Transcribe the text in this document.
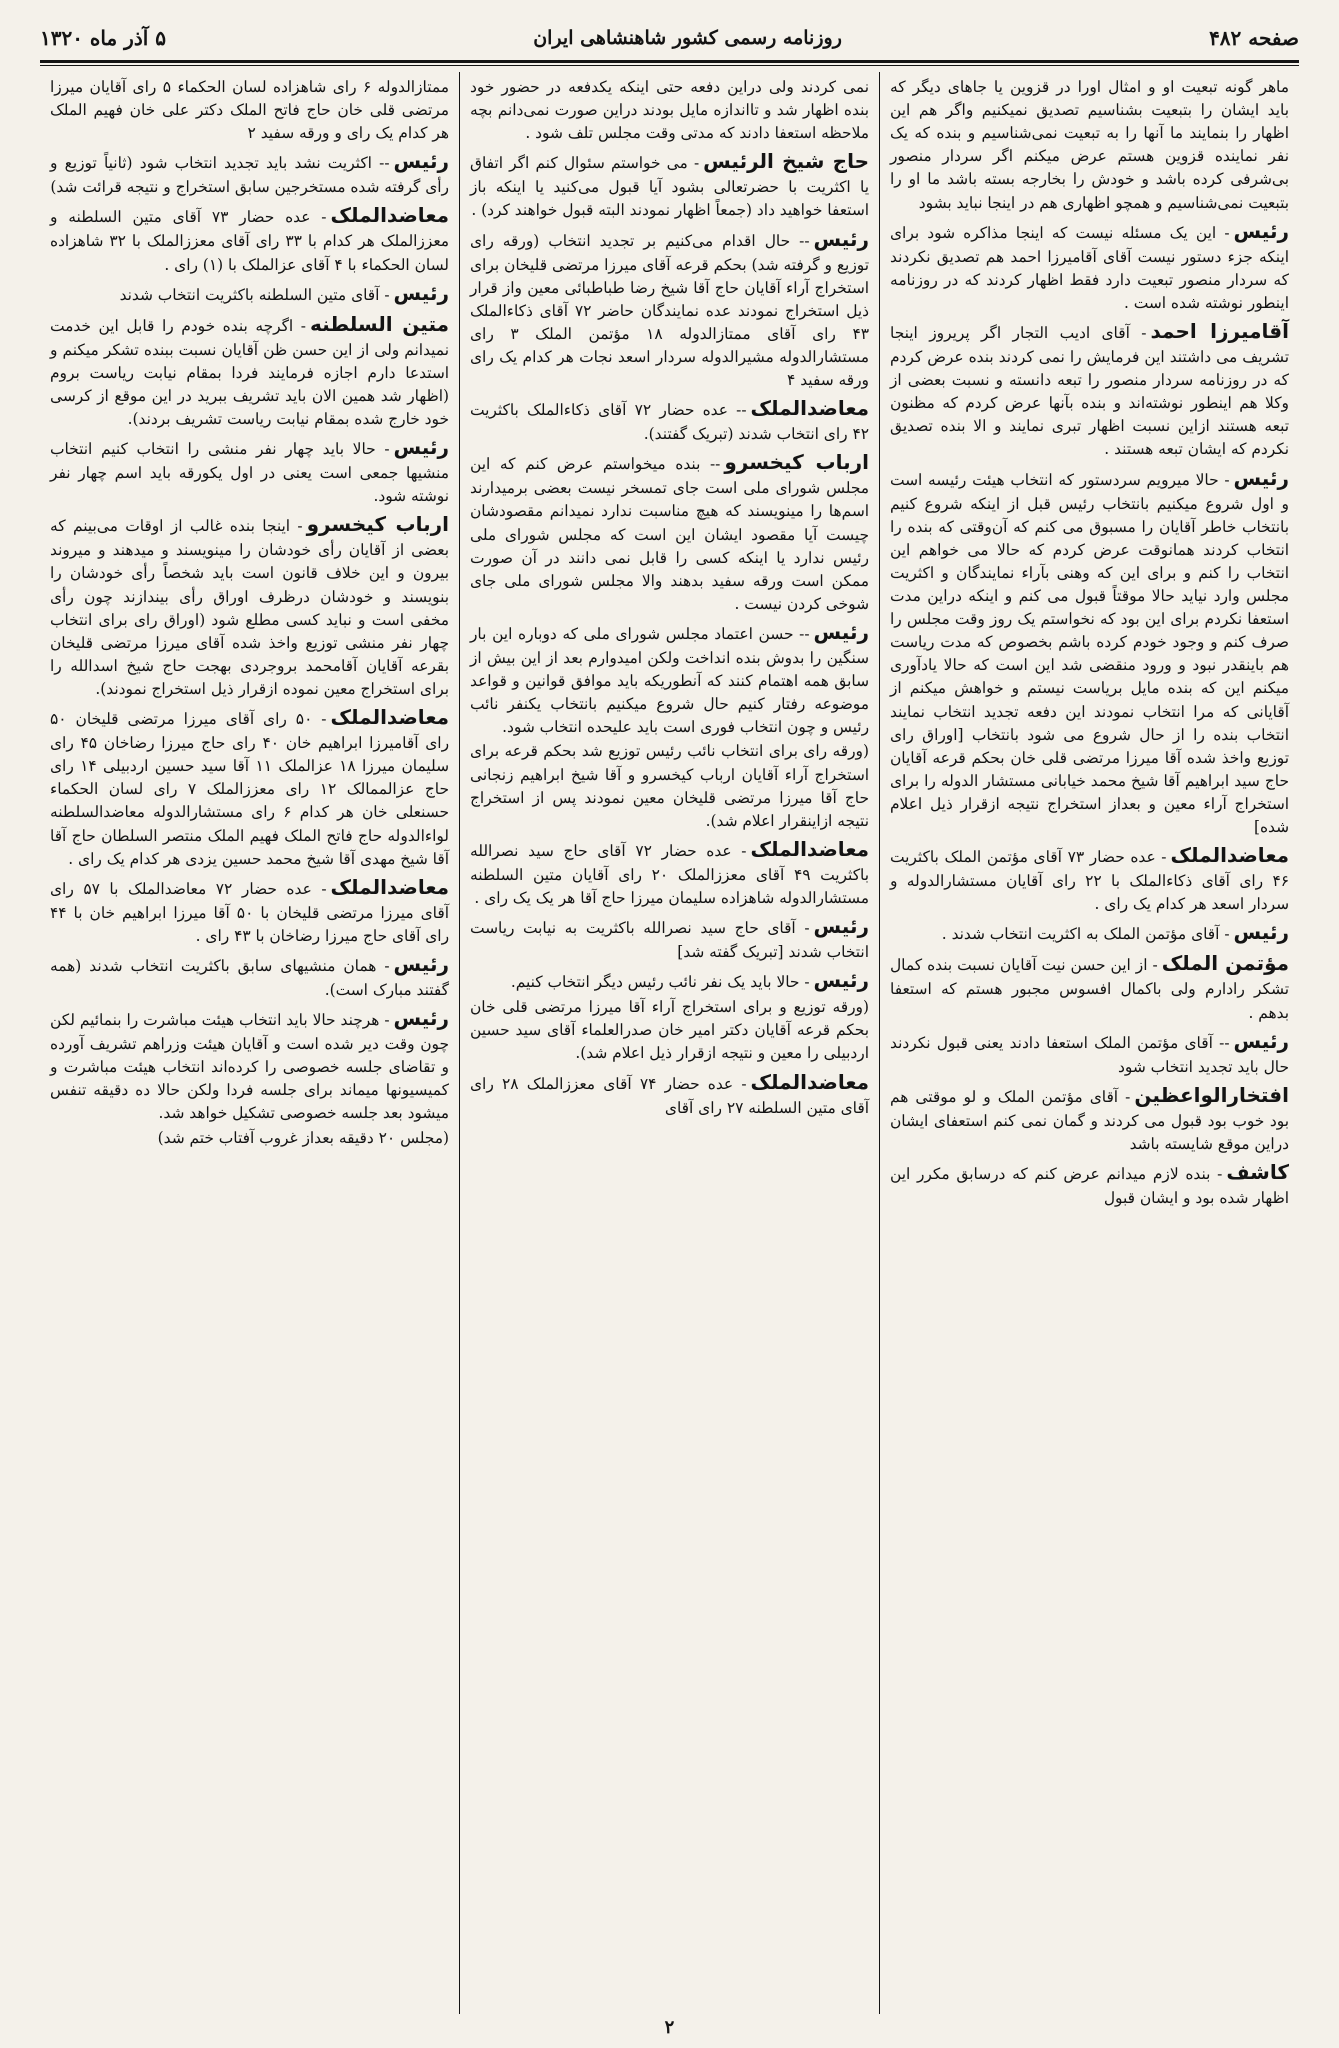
صفحه ۴۸۲
روزنامه رسمی کشور شاهنشاهی ایران
۵ آذر ماه ۱۳۲۰

ماهر گونه تبعیت او و امثال اورا در قزوین یا جاهای دیگر که باید ایشان را بتبعیت بشناسیم تصدیق نمیکنیم واگر هم این اظهار را بنمایند ما آنها را به تبعیت نمی‌شناسیم و بنده که یک نفر نماینده قزوین هستم عرض میکنم اگر سردار منصور بی‌شرفی کرده باشد و خودش را بخارجه بسته باشد ما او را بتبعیت نمی‌شناسیم و همچو اظهاری هم در اینجا نباید بشود

رئیس- این یک مسئله نیست که اینجا مذاکره شود برای اینکه جزء دستور نیست آقای آقامیرزا احمد هم تصدیق نکردند که سردار منصور تبعیت دارد فقط اظهار کردند که در روزنامه اینطور نوشته شده است .

آقامیرزا احمد- آقای ادیب التجار اگر پریروز اینجا تشریف می داشتند این فرمایش را نمی کردند بنده عرض کردم که در روزنامه سردار منصور را تبعه دانسته و نسبت بعضی از وکلا هم اینطور نوشته‌اند و بنده بآنها عرض کردم که مظنون تبعه هستند ازاین نسبت اظهار تبری نمایند و الا بنده تصدیق نکردم که ایشان تبعه هستند .

رئیس- حالا میرویم سردستور که انتخاب هیئت رئیسه است و اول شروع میکنیم بانتخاب رئیس قبل از اینکه شروع کنیم بانتخاب خاطر آقایان را مسبوق می کنم که آن‌وقتی که بنده را انتخاب کردند همانوقت عرض کردم که حالا می خواهم این انتخاب را کنم و برای این که وهنی بآراء نمایندگان و اکثریت مجلس وارد نیاید حالا موقتاً قبول می کنم و اینکه دراین مدت استعفا نکردم برای این بود که نخواستم یک روز وقت مجلس را صرف کنم و وجود خودم کرده باشم بخصوص که مدت ریاست هم باینقدر نبود و ورود منقضی شد این است که حالا یادآوری میکنم این که بنده مایل بریاست نیستم و خواهش میکنم از آقایانی که مرا انتخاب نمودند این دفعه تجدید انتخاب نمایند انتخاب بنده را از حال شروع می شود بانتخاب [اوراق رای توزیع واخذ شده آقا میرزا مرتضی قلی خان بحکم قرعه آقایان حاج سید ابراهیم آقا شیخ محمد خیابانی مستشار الدوله را برای استخراج آراء معین و بعداز استخراج نتیجه ازقرار ذیل اعلام شده]

معاضدالملک- عده حضار ۷۳ آقای مؤتمن الملک باکثریت ۴۶ رای آقای ذکاءالملک با ۲۲ رای آقایان مستشارالدوله و سردار اسعد هر کدام یک رای .

رئیس- آقای مؤتمن الملک به اکثریت انتخاب شدند .

مؤتمن الملک- از این حسن نیت آقایان نسبت بنده کمال تشکر رادارم ولی باکمال افسوس مجبور هستم که استعفا بدهم .

رئیس-- آقای مؤتمن الملک استعفا دادند یعنی قبول نکردند حال باید تجدید انتخاب شود

افتخارالواعظین- آقای مؤتمن الملک و لو موقتی هم بود خوب بود قبول می کردند و گمان نمی کنم استعفای ایشان دراین موقع شایسته باشد

کاشف- بنده لازم میدانم عرض کنم که درسابق مکرر این اظهار شده بود و ایشان قبول

نمی کردند ولی دراین دفعه حتی اینکه یکدفعه در حضور خود بنده اظهار شد و تااندازه مایل بودند دراین صورت نمی‌دانم بچه ملاحظه استعفا دادند که مدتی وقت مجلس تلف شود .

حاج شیخ الرئیس- می خواستم سئوال کنم اگر اتفاق یا اکثریت با حضرتعالی بشود آیا قبول می‌کنید یا اینکه باز استعفا خواهید داد (جمعاً اظهار نمودند البته قبول خواهند کرد) .

رئیس-- حال اقدام می‌کنیم بر تجدید انتخاب (ورقه رای توزیع و گرفته شد) بحکم قرعه آقای میرزا مرتضی قلیخان برای استخراج آراء آقایان حاج آقا شیخ رضا طباطبائی معین واز قرار ذیل استخراج نمودند عده نمایندگان حاضر ۷۲ آقای ذکاءالملک ۴۳ رای آقای ممتازالدوله ۱۸ مؤتمن الملک ۳ رای مستشارالدوله مشیرالدوله سردار اسعد نجات هر کدام یک رای ورقه سفید ۴

معاضدالملک-- عده حضار ۷۲ آقای ذکاءالملک باکثریت ۴۲ رای انتخاب شدند (تبریک گفتند).

ارباب کیخسرو-- بنده میخواستم عرض کنم که این مجلس شورای ملی است جای تمسخر نیست بعضی برمیدارند اسم‌ها را مینویسند که هیچ مناسبت ندارد نمیدانم مقصودشان چیست آیا مقصود ایشان این است که مجلس شورای ملی رئیس ندارد یا اینکه کسی را قابل نمی دانند در آن صورت ممکن است ورقه سفید بدهند والا مجلس شورای ملی جای شوخی کردن نیست .

رئیس-- حسن اعتماد مجلس شورای ملی که دوباره این بار سنگین را بدوش بنده انداخت ولکن امیدوارم بعد از این بیش از سابق همه اهتمام کنند که آنطوریکه باید موافق قوانین و قواعد موضوعه رفتار کنیم حال شروع میکنیم بانتخاب یکنفر نائب رئیس و چون انتخاب فوری است باید علیحده انتخاب شود.

(ورقه رای برای انتخاب نائب رئیس توزیع شد بحکم قرعه برای استخراج آراء آقایان ارباب کیخسرو و آقا شیخ ابراهیم زنجانی حاج آقا میرزا مرتضی قلیخان معین نمودند پس از استخراج نتیجه ازاینقرار اعلام شد).

معاضدالملک- عده حضار ۷۲ آقای حاج سید نصرالله باکثریت ۴۹ آقای معززالملک ۲۰ رای آقایان متین السلطنه مستشارالدوله شاهزاده سلیمان میرزا حاج آقا هر یک یک رای .

رئیس- آقای حاج سید نصرالله باکثریت به نیابت ریاست انتخاب شدند [تبریک گفته شد]

رئیس- حالا باید یک نفر نائب رئیس دیگر انتخاب کنیم.

(ورقه توزیع و برای استخراج آراء آقا میرزا مرتضی قلی خان بحکم قرعه آقایان دکتر امیر خان صدرالعلماء آقای سید حسین اردبیلی را معین و نتیجه ازقرار ذیل اعلام شد).

معاضدالملک- عده حضار ۷۴ آقای معززالملک ۲۸ رای آقای متین السلطنه ۲۷ رای آقای

ممتازالدوله ۶ رای شاهزاده لسان الحکماء ۵ رای آقایان میرزا مرتضی قلی خان حاج فاتح الملک دکتر علی خان فهیم الملک هر کدام یک رای و ورقه سفید ۲

رئیس-- اکثریت نشد باید تجدید انتخاب شود (ثانیاً توزیع و رأی گرفته شده مستخرجین سابق استخراج و نتیجه قرائت شد)

معاضدالملک- عده حضار ۷۳ آقای متین السلطنه و معززالملک هر کدام با ۳۳ رای آقای معززالملک با ۳۲ شاهزاده لسان الحکماء با ۴ آقای عزالملک با (۱) رای .

رئیس- آقای متین السلطنه باکثریت انتخاب شدند

متین السلطنه- اگرچه بنده خودم را قابل این خدمت نمیدانم ولی از این حسن ظن آقایان نسبت ببنده تشکر میکنم و استدعا دارم اجازه فرمایند فردا بمقام نیابت ریاست بروم (اظهار شد همین الان باید تشریف ببرید در این موقع از کرسی خود خارج شده بمقام نیابت ریاست تشریف بردند).

رئیس- حالا باید چهار نفر منشی را انتخاب کنیم انتخاب منشیها جمعی است یعنی در اول یکورقه باید اسم چهار نفر نوشته شود.

ارباب کیخسرو- اینجا بنده غالب از اوقات می‌بینم که بعضی از آقایان رأی خودشان را مینویسند و میدهند و میروند بیرون و این خلاف قانون است باید شخصاً رأی خودشان را بنویسند و خودشان درظرف اوراق رأی بیندازند چون رأی مخفی است و نباید کسی مطلع شود (اوراق رای برای انتخاب چهار نفر منشی توزیع واخذ شده آقای میرزا مرتضی قلیخان بقرعه آقایان آقامحمد بروجردی بهجت حاج شیخ اسدالله را برای استخراج معین نموده ازقرار ذیل استخراج نمودند).

معاضدالملک- ۵۰ رای آقای میرزا مرتضی قلیخان ۵۰ رای آقامیرزا ابراهیم خان ۴۰ رای حاج میرزا رضاخان ۴۵ رای سلیمان میرزا ۱۸ عزالملک ۱۱ آقا سید حسین اردبیلی ۱۴ رای حاج عزالممالک ۱۲ رای معززالملک ۷ رای لسان الحکماء حسنعلی خان هر کدام ۶ رای مستشارالدوله معاضدالسلطنه لواءالدوله حاج فاتح الملک فهیم الملک منتصر السلطان حاج آقا آقا شیخ مهدی آقا شیخ محمد حسین یزدی هر کدام یک رای .

معاضدالملک- عده حضار ۷۲ معاضدالملک با ۵۷ رای آقای میرزا مرتضی قلیخان با ۵۰ آقا میرزا ابراهیم خان با ۴۴ رای آقای حاج میرزا رضاخان با ۴۳ رای .

رئیس- همان منشیهای سابق باکثریت انتخاب شدند (همه گفتند مبارک است).

رئیس- هرچند حالا باید انتخاب هیئت مباشرت را بنمائیم لکن چون وقت دیر شده است و آقایان هیئت وزراهم تشریف آورده و تقاضای جلسه خصوصی را کرده‌اند انتخاب هیئت مباشرت و کمیسیونها میماند برای جلسه فردا ولکن حالا ده دقیقه تنفس میشود بعد جلسه خصوصی تشکیل خواهد شد.

(مجلس ۲۰ دقیقه بعداز غروب آفتاب ختم شد)

۲
